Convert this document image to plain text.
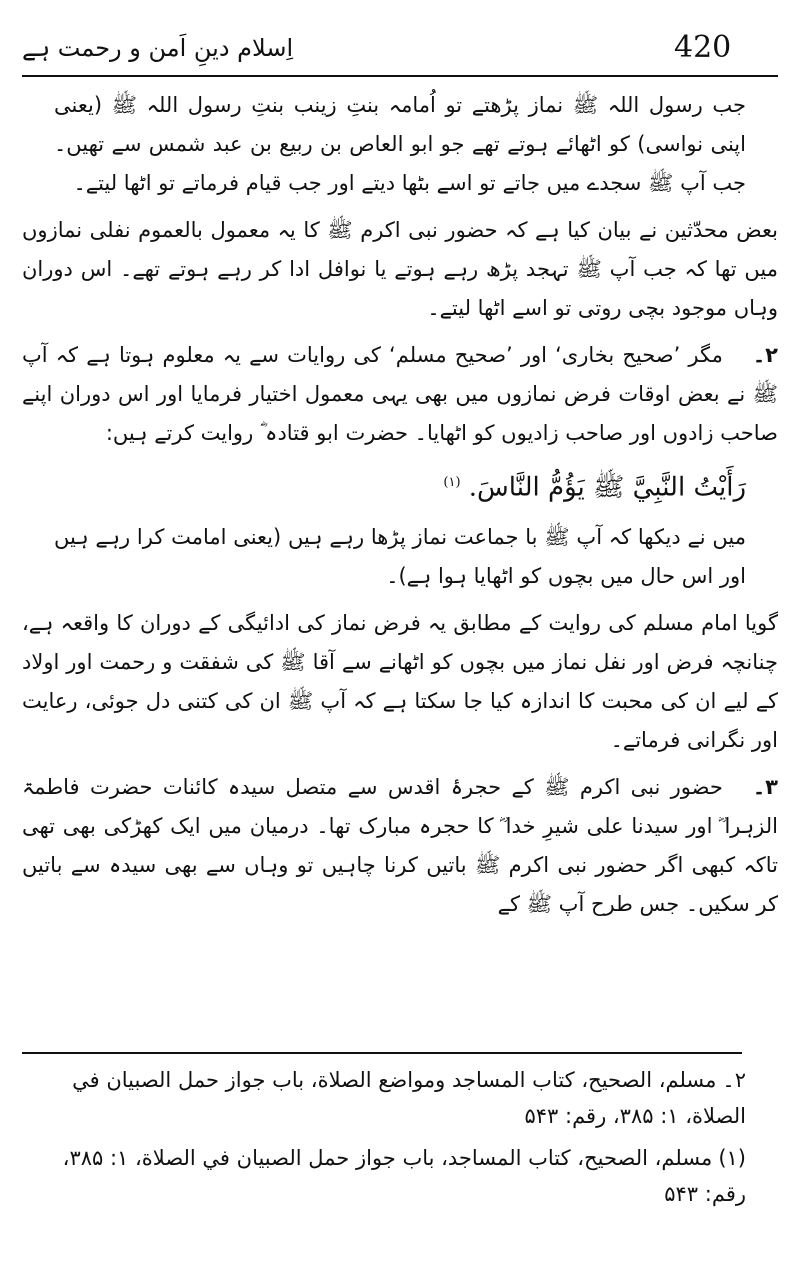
420
اِسلام دینِ اَمن و رحمت ہے

جب رسول اللہ ﷺ نماز پڑھتے تو اُمامہ بنتِ زینب بنتِ رسول اللہ ﷺ (یعنی اپنی نواسی) کو اٹھائے ہوتے تھے جو ابو العاص بن ربیع بن عبد شمس سے تھیں۔ جب آپ ﷺ سجدے میں جاتے تو اسے بٹھا دیتے اور جب قیام فرماتے تو اٹھا لیتے۔

بعض محدّثین نے بیان کیا ہے کہ حضور نبی اکرم ﷺ کا یہ معمول بالعموم نفلی نمازوں میں تھا کہ جب آپ ﷺ تہجد پڑھ رہے ہوتے یا نوافل ادا کر رہے ہوتے تھے۔ اس دوران وہاں موجود بچی روتی تو اسے اٹھا لیتے۔

۲۔مگر ’صحیح بخاری‘ اور ’صحیح مسلم‘ کی روایات سے یہ معلوم ہوتا ہے کہ آپ ﷺ نے بعض اوقات فرض نمازوں میں بھی یہی معمول اختیار فرمایا اور اس دوران اپنے صاحب زادوں اور صاحب زادیوں کو اٹھایا۔ حضرت ابو قتادہ ؓ روایت کرتے ہیں:

رَأَیْتُ النَّبِيَّ ﷺ یَؤُمُّ النَّاسَ. $^{(۱)}$

میں نے دیکھا کہ آپ ﷺ با جماعت نماز پڑھا رہے ہیں (یعنی امامت کرا رہے ہیں اور اس حال میں بچوں کو اٹھایا ہوا ہے)۔

گویا امام مسلم کی روایت کے مطابق یہ فرض نماز کی ادائیگی کے دوران کا واقعہ ہے، چنانچہ فرض اور نفل نماز میں بچوں کو اٹھانے سے آقا ﷺ کی شفقت و رحمت اور اولاد کے لیے ان کی محبت کا اندازہ کیا جا سکتا ہے کہ آپ ﷺ ان کی کتنی دل جوئی، رعایت اور نگرانی فرماتے۔

۳۔حضور نبی اکرم ﷺ کے حجرۂ اقدس سے متصل سیدہ کائنات حضرت فاطمۃ الزہرا ؓ اور سیدنا علی شیرِ خدا ؓ کا حجرہ مبارک تھا۔ درمیان میں ایک کھڑکی بھی تھی تاکہ کبھی اگر حضور نبی اکرم ﷺ باتیں کرنا چاہیں تو وہاں سے بھی سیدہ سے باتیں کر سکیں۔ جس طرح آپ ﷺ کے

۲۔مسلم، الصحيح، كتاب المساجد ومواضع الصلاة، باب جواز حمل الصبيان في الصلاة، ۱: ۳۸۵، رقم: ۵۴۳

(۱)مسلم، الصحيح، كتاب المساجد، باب جواز حمل الصبيان في الصلاة، ۱: ۳۸۵، رقم: ۵۴۳
